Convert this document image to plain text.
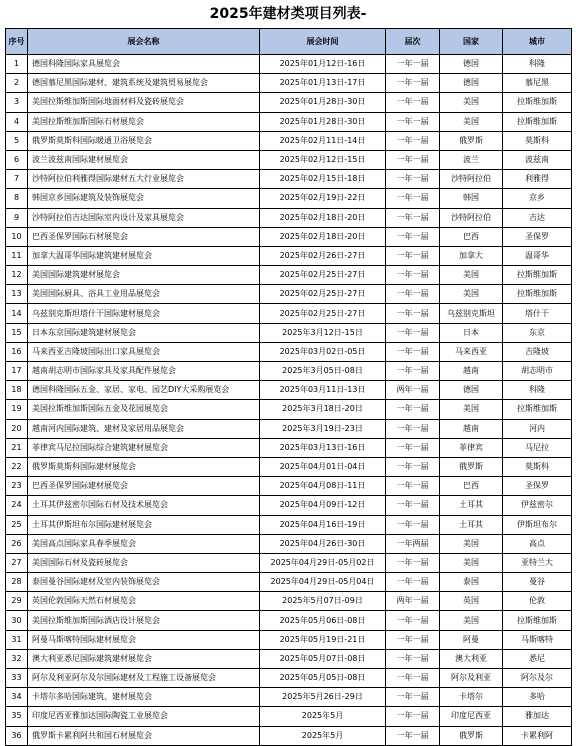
2025年建材类项目列表-
序号	展会名称	展会时间	届次	国家	城市
1	德国科隆国际家具展览会	2025年01月12日-16日	一年一届	德国	科隆
2	德国慕尼黑国际建材、建筑系统及建筑贸易展览会	2025年01月13日-17日	一年一届	德国	慕尼黑
3	美国拉斯维加斯国际地面材料及瓷砖展览会	2025年01月28日-30日	一年一届	美国	拉斯维加斯
4	美国拉斯维加斯国际石材展览会	2025年01月28日-30日	一年一届	美国	拉斯维加斯
5	俄罗斯莫斯科国际暖通卫浴展览会	2025年02月11日-14日	一年一届	俄罗斯	莫斯科
6	波兰波兹南国际建材展览会	2025年02月12日-15日	一年一届	波兰	波兹南
7	沙特阿拉伯利雅得国际建材五大行业展览会	2025年02月15日-18日	一年一届	沙特阿拉伯	利雅得
8	韩国京乡国际建筑及装饰展览会	2025年02月19日-22日	一年一届	韩国	京乡
9	沙特阿拉伯吉达国际室内设计及家具展览会	2025年02月18日-20日	一年一届	沙特阿拉伯	吉达
10	巴西圣保罗国际石材展览会	2025年02月18日-20日	一年一届	巴西	圣保罗
11	加拿大温哥华国际建筑建材展览会	2025年02月26日-27日	一年一届	加拿大	温哥华
12	美国国际建筑建材展览会	2025年02月25日-27日	一年一届	美国	拉斯维加斯
13	美国国际厨具、浴具工业用品展览会	2025年02月25日-27日	一年一届	美国	拉斯维加斯
14	乌兹别克斯坦塔什干国际建材展览会	2025年02月25日-27日	一年一届	乌兹别克斯坦	塔什干
15	日本东京国际建筑建材展览会	2025年3月12日-15日	一年一届	日本	东京
16	马来西亚吉隆坡国际出口家具展览会	2025年03月02日-05日	一年一届	马来西亚	吉隆坡
17	越南胡志明市国际家具及家具配件展览会	2025年3月05日-08日	一年一届	越南	胡志明市
18	德国科隆国际五金、家居、家电、园艺DIY大采购展览会	2025年03月11日-13日	两年一届	德国	科隆
19	美国拉斯维加斯国际五金及花园展览会	2025年3月18日-20日	一年一届	美国	拉斯维加斯
20	越南河内国际建筑、建材及家居用品展览会	2025年3月19日-23日	一年一届	越南	河内
21	菲律宾马尼拉国际综合建筑建材展览会	2025年03月13日-16日	一年一届	菲律宾	马尼拉
22	俄罗斯莫斯科国际建材展览会	2025年04月01日-04日	一年一届	俄罗斯	莫斯科
23	巴西圣保罗国际建材展览会	2025年04月08日-11日	一年一届	巴西	圣保罗
24	土耳其伊兹密尔国际石材及技术展览会	2025年04月09日-12日	一年一届	土耳其	伊兹密尔
25	土耳其伊斯坦布尔国际建材展览会	2025年04月16日-19日	一年一届	土耳其	伊斯坦布尔
26	美国高点国际家具春季展览会	2025年04月26日-30日	一年两届	美国	高点
27	美国国际石材及瓷砖展览会	2025年04月29日-05月02日	一年一届	美国	亚特兰大
28	泰国曼谷国际建材及室内装饰展览会	2025年04月29日-05月04日	一年一届	泰国	曼谷
29	英国伦敦国际天然石材展览会	2025年5月07日-09日	两年一届	英国	伦敦
30	美国拉斯维加斯国际酒店设计展览会	2025年05月06日-08日	一年一届	美国	拉斯维加斯
31	阿曼马斯喀特国际建材展览会	2025年05月19日-21日	一年一届	阿曼	马斯喀特
32	澳大利亚悉尼国际建筑建材展览会	2025年05月07日-08日	一年一届	澳大利亚	悉尼
33	阿尔及利亚阿尔及尔国际建材及工程施工设备展览会	2025年05月05日-08日	一年一届	阿尔及利亚	阿尔及尔
34	卡塔尔多哈国际建筑、建材展览会	2025年5月26日-29日	一年一届	卡塔尔	多哈
35	印度尼西亚雅加达国际陶瓷工业展览会	2025年5月	一年一届	印度尼西亚	雅加达
36	俄罗斯卡累利阿共和国石材展览会	2025年5月	一年一届	俄罗斯	卡累利阿
